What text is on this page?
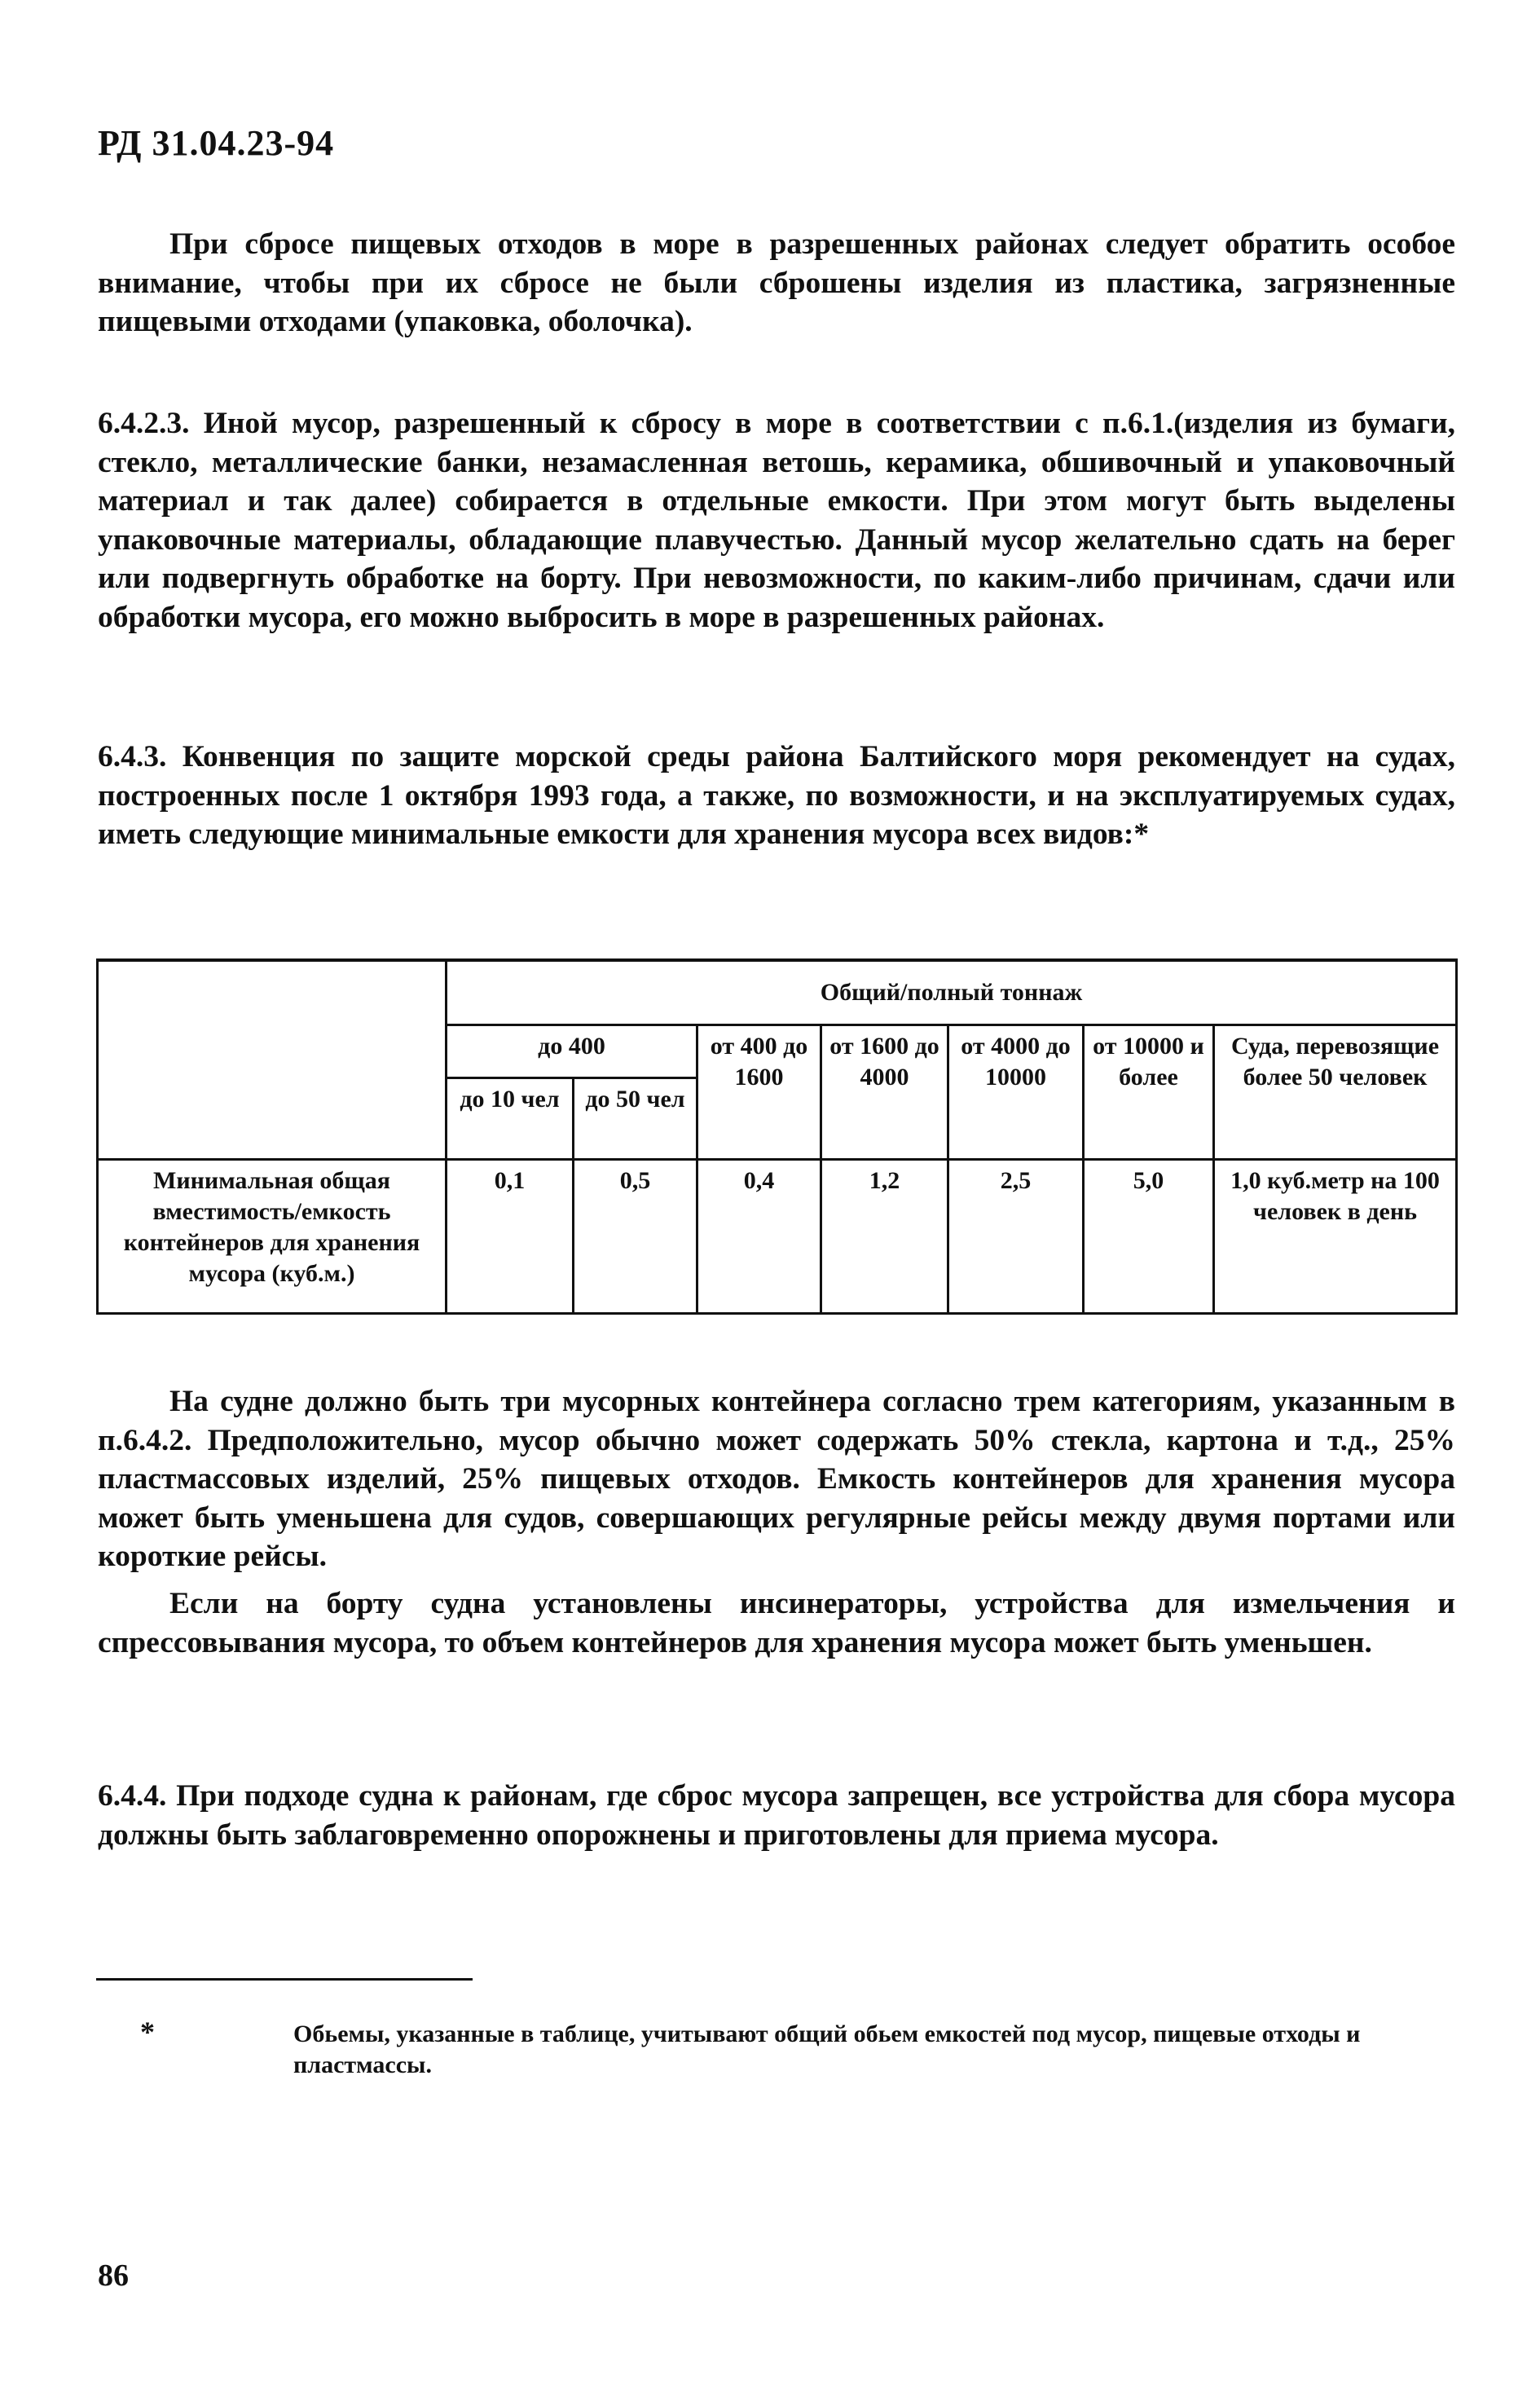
РД 31.04.23-94

При сбросе пищевых отходов в море в разрешенных районах следует обратить особое внимание, чтобы при их сбросе не были сброшены изделия из пластика, загрязненные пищевыми отходами (упаковка, оболочка).

6.4.2.3. Иной мусор, разрешенный к сбросу в море в соответствии с п.6.1.(изделия из бумаги, стекло, металлические банки, незамасленная ветошь, керамика, обшивочный и упаковочный материал и так далее) собирается в отдельные емкости. При этом могут быть выделены упаковочные материалы, обладающие плавучестью. Данный мусор желательно сдать на берег или подвергнуть обработке на борту. При невозможности, по каким-либо причинам, сдачи или обработки мусора, его можно выбросить в море в разрешенных районах.

6.4.3. Конвенция по защите морской среды района Балтийского моря рекомендует на судах, построенных после 1 октября 1993 года, а также, по возможности, и на эксплуатируемых судах, иметь следующие минимальные емкости для хранения мусора всех видов:*

	Общий/полный тоннаж						
	до 400		от 400 до 1600	от 1600 до 4000	от 4000 до 10000	от 10000 и более	Суда, перевозящие более 50 человек
	до 10 чел	до 50 чел					
Минимальная общая вместимость/емкость контейнеров для хранения мусора (куб.м.)	0,1	0,5	0,4	1,2	2,5	5,0	1,0 куб.метр на 100 человек в день

На судне должно быть три мусорных контейнера согласно трем категориям, указанным в п.6.4.2. Предположительно, мусор обычно может содержать 50% стекла, картона и т.д., 25% пластмассовых изделий, 25% пищевых отходов. Емкость контейнеров для хранения мусора может быть уменьшена для судов, совершающих регулярные рейсы между двумя портами или короткие рейсы.

Если на борту судна установлены инсинераторы, устройства для измельчения и спрессовывания мусора, то объем контейнеров для хранения мусора может быть уменьшен.

6.4.4. При подходе судна к районам, где сброс мусора запрещен, все устройства для сбора мусора должны быть заблаговременно опорожнены и приготовлены для приема мусора.

*	Обьемы, указанные в таблице, учитывают общий обьем емкостей под мусор, пищевые отходы и пластмассы.

86
